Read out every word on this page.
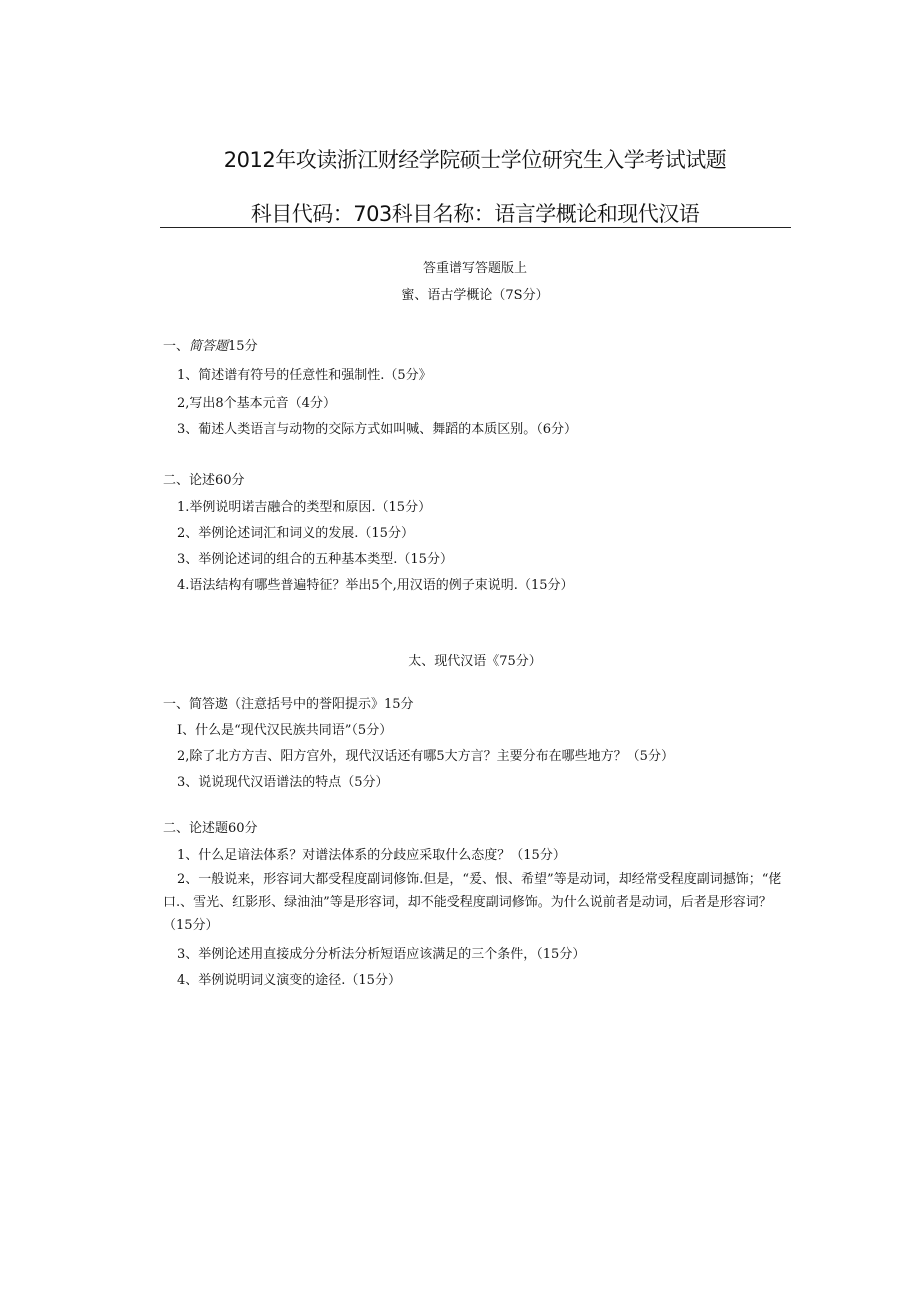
2012年攻读浙江财经学院硕士学位研究生入学考试试题
科目代码：703科目名称：语言学概论和现代汉语
答重谱写答题版上
蜜、语古学概论（7S分）
一、简答题15分
1、简述谱有符号的任意性和强制性.（5分》
2,写出8个基本元音（4分）
3、葡述人类语言与动物的交际方式如叫喊、舞蹈的本质区别。（6分）
二、论述60分
1.举例说明诺吉融合的类型和原因.（15分）
2、举例论述词汇和词义的发展.（15分）
3、举例论述词的组合的五种基本类型.（15分）
4.语法结构有哪些普遍特征？举出5个,用汉语的例子束说明.（15分）
太、现代汉语《75分）
一、简答遨（注意括号中的誉阳提示》15分
I、什么是“现代汉民族共同语”（5分）
2,除了北方方吉、阳方宫外，现代汉话还有哪5大方言？主要分布在哪些地方？（5分）
3、说说现代汉语谱法的特点（5分）
二、论述题60分
1、什么足谙法体系？对谱法体系的分歧应采取什么态度？（15分）
2、一般说来，形容词大都受程度副词修饰.但是，“爰、恨、希望”等是动词，却经常受程度副词撼饰；“佬口.、雪光、红影形、绿油油”等是形容词，却不能受程度副词修饰。为什么说前者是动词，后者是形容词？（15分）
3、举例论述用直接成分分析法分析短语应该满足的三个条件，（15分）
4、举例说明词义演变的途径.（15分）
